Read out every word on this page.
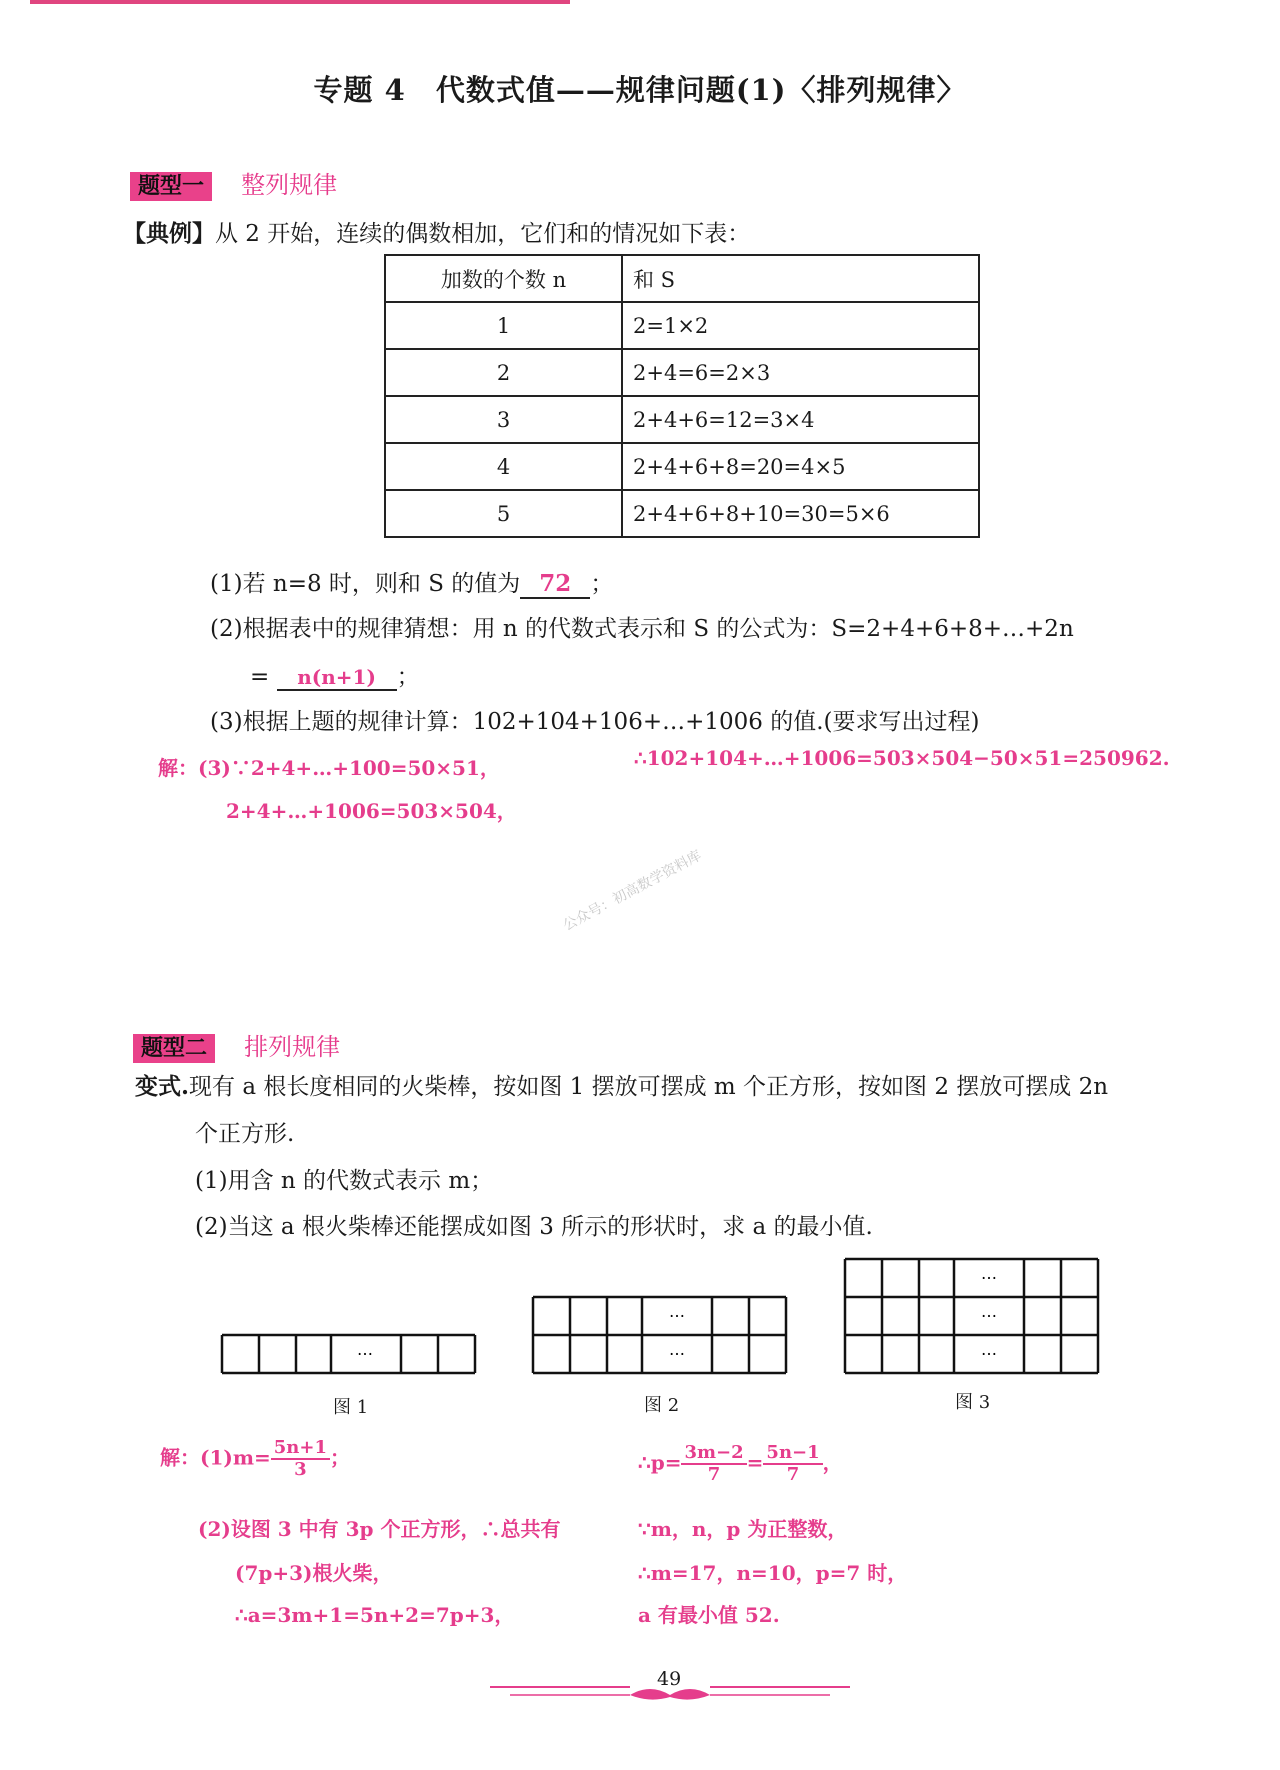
专题 4　代数式值——规律问题(1)〈排列规律〉
题型一 整列规律
【典例】从 2 开始，连续的偶数相加，它们和的情况如下表：
加数的个数 n	和 S
1	2=1×2
2	2+4=6=2×3
3	2+4+6=12=3×4
4	2+4+6+8=20=4×5
5	2+4+6+8+10=30=5×6
(1)若 n=8 时，则和 S 的值为 72 ；
(2)根据表中的规律猜想：用 n 的代数式表示和 S 的公式为：S=2+4+6+8+…+2n
= n(n+1) ；
(3)根据上题的规律计算：102+104+106+…+1006 的值.(要求写出过程)
解：(3)∵2+4+…+100=50×51，
2+4+…+1006=503×504，
∴102+104+…+1006=503×504−50×51=250962.
公众号：初高数学资料库
题型二 排列规律
变式.现有 a 根长度相同的火柴棒，按如图 1 摆放可摆成 m 个正方形，按如图 2 摆放可摆成 2n
个正方形.
(1)用含 n 的代数式表示 m；
(2)当这 a 根火柴棒还能摆成如图 3 所示的形状时，求 a 的最小值.
…
…
…
…
…
…
图 1	图 2	图 3
解：$(1)m= \frac{5n+1}{3}$ ；
(2)设图 3 中有 3p 个正方形，∴总共有
(7p+3)根火柴，
∴a=3m+1=5n+2=7p+3，
∴p= $\frac{3m-2}{7} = \frac{5n-1}{7}$ ，
∵m，n，p 为正整数，
∴m=17，n=10，p=7 时，
a 有最小值 52.
49
